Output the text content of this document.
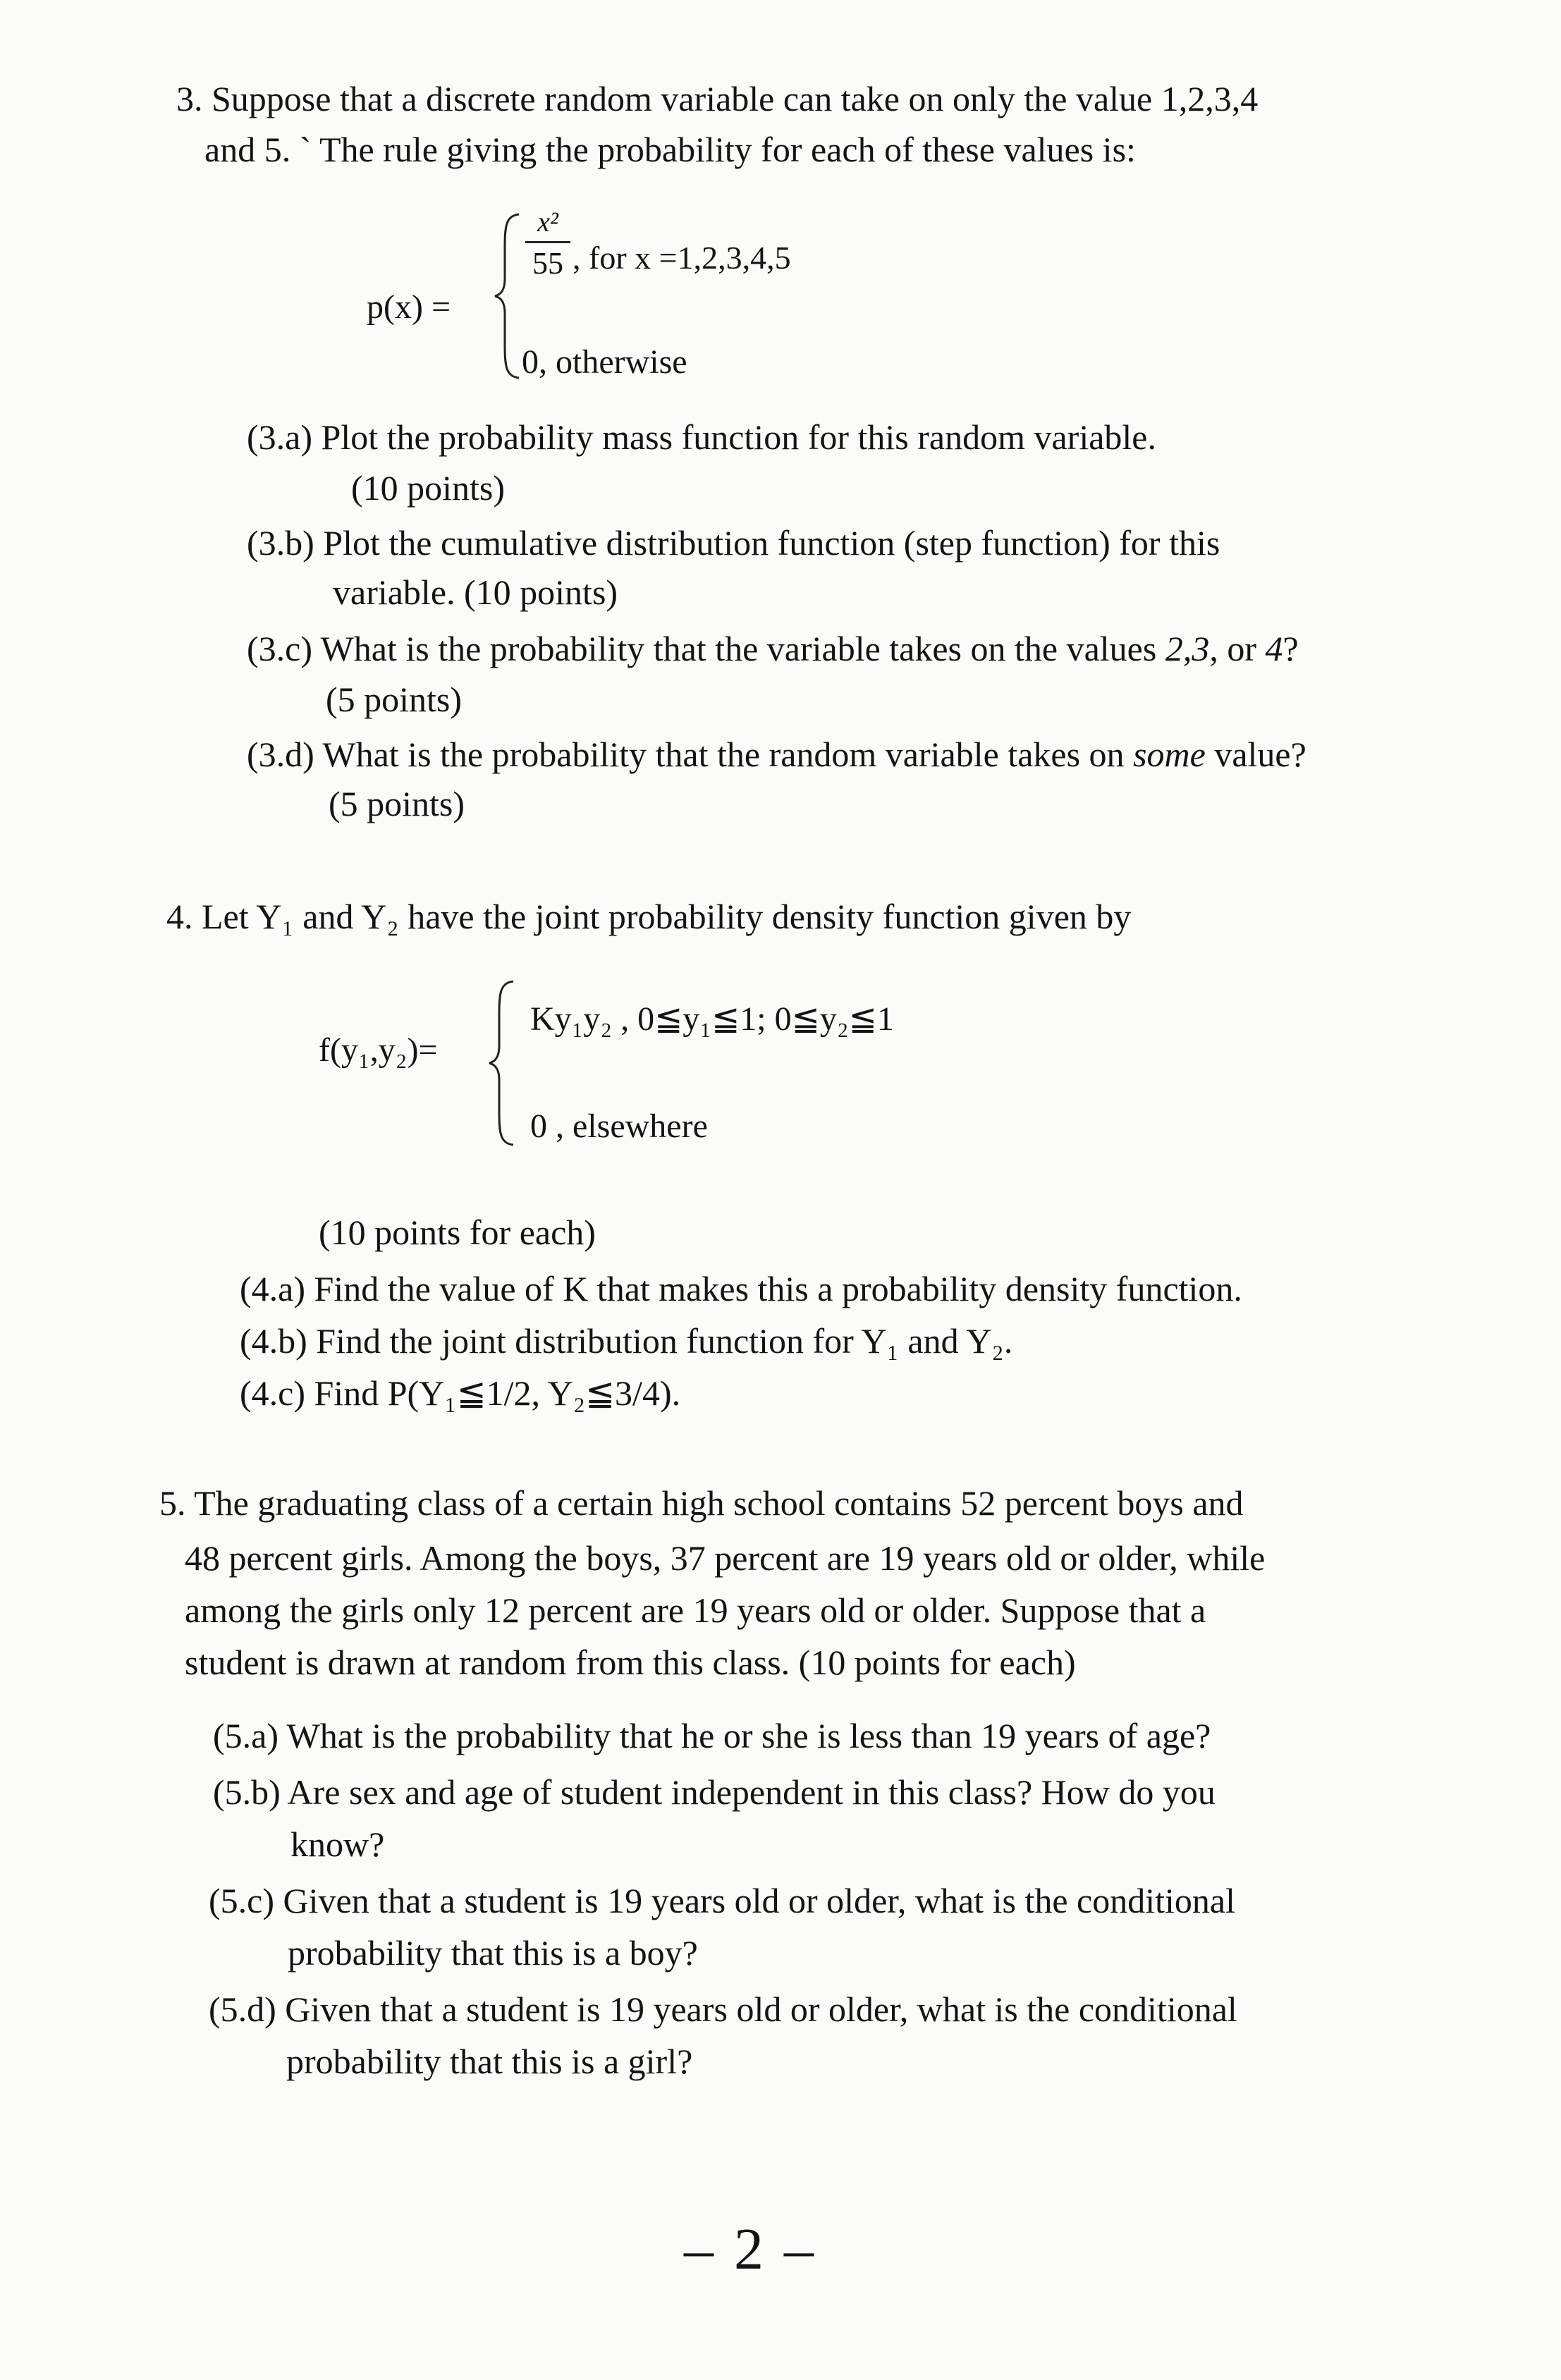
3. Suppose that a discrete random variable can take on only the value 1,2,3,4
and 5. ` The rule giving the probability for each of these values is:
p(x) =
x²
55 , for x =1,2,3,4,5
0, otherwise
(3.a) Plot the probability mass function for this random variable.
(10 points)
(3.b) Plot the cumulative distribution function (step function) for this
variable. (10 points)
(3.c) What is the probability that the variable takes on the values 2,3, or 4?
(5 points)
(3.d) What is the probability that the random variable takes on some value?
(5 points)
4. Let Y₁ and Y₂ have the joint probability density function given by
f(y₁,y₂)=
Ky₁y₂ , 0≦y₁≦1; 0≦y₂≦1
0 , elsewhere
(10 points for each)
(4.a) Find the value of K that makes this a probability density function.
(4.b) Find the joint distribution function for Y₁ and Y₂.
(4.c) Find P(Y₁≦1/2, Y₂≦3/4).
5. The graduating class of a certain high school contains 52 percent boys and
48 percent girls. Among the boys, 37 percent are 19 years old or older, while
among the girls only 12 percent are 19 years old or older. Suppose that a
student is drawn at random from this class. (10 points for each)
(5.a) What is the probability that he or she is less than 19 years of age?
(5.b) Are sex and age of student independent in this class? How do you
know?
(5.c) Given that a student is 19 years old or older, what is the conditional
probability that this is a boy?
(5.d) Given that a student is 19 years old or older, what is the conditional
probability that this is a girl?
– 2 –
